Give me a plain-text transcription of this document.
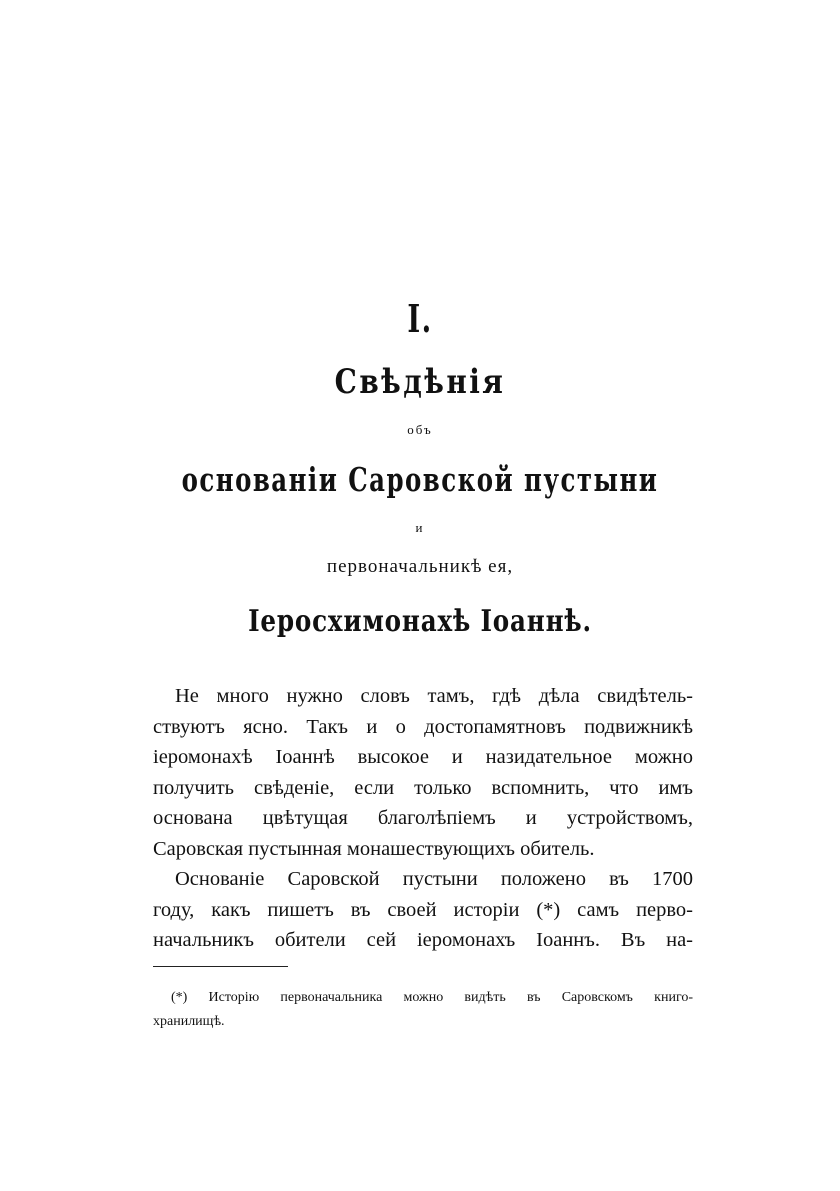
I.
Свѣдѣнія
объ
основаніи Саровской пустыни
и
первоначальникѣ ея,
Іеросхимонахѣ Іоаннѣ.
Не много нужно словъ тамъ, гдѣ дѣла свидѣтель-
ствуютъ ясно. Такъ и о достопамятновъ подвижникѣ
іеромонахѣ Іоаннѣ высокое и назидательное можно
получить свѣденіе, если только вспомнить, что имъ
основана цвѣтущая благолѣпіемъ и устройствомъ,
Саровская пустынная монашествующихъ обитель.
Основаніе Саровской пустыни положено въ 1700
году, какъ пишетъ въ своей исторіи (*) самъ перво-
начальникъ обители сей іеромонахъ Іоаннъ. Въ на-
(*) Исторію первоначальника можно видѣть въ Саровскомъ книго-
хранилищѣ.
